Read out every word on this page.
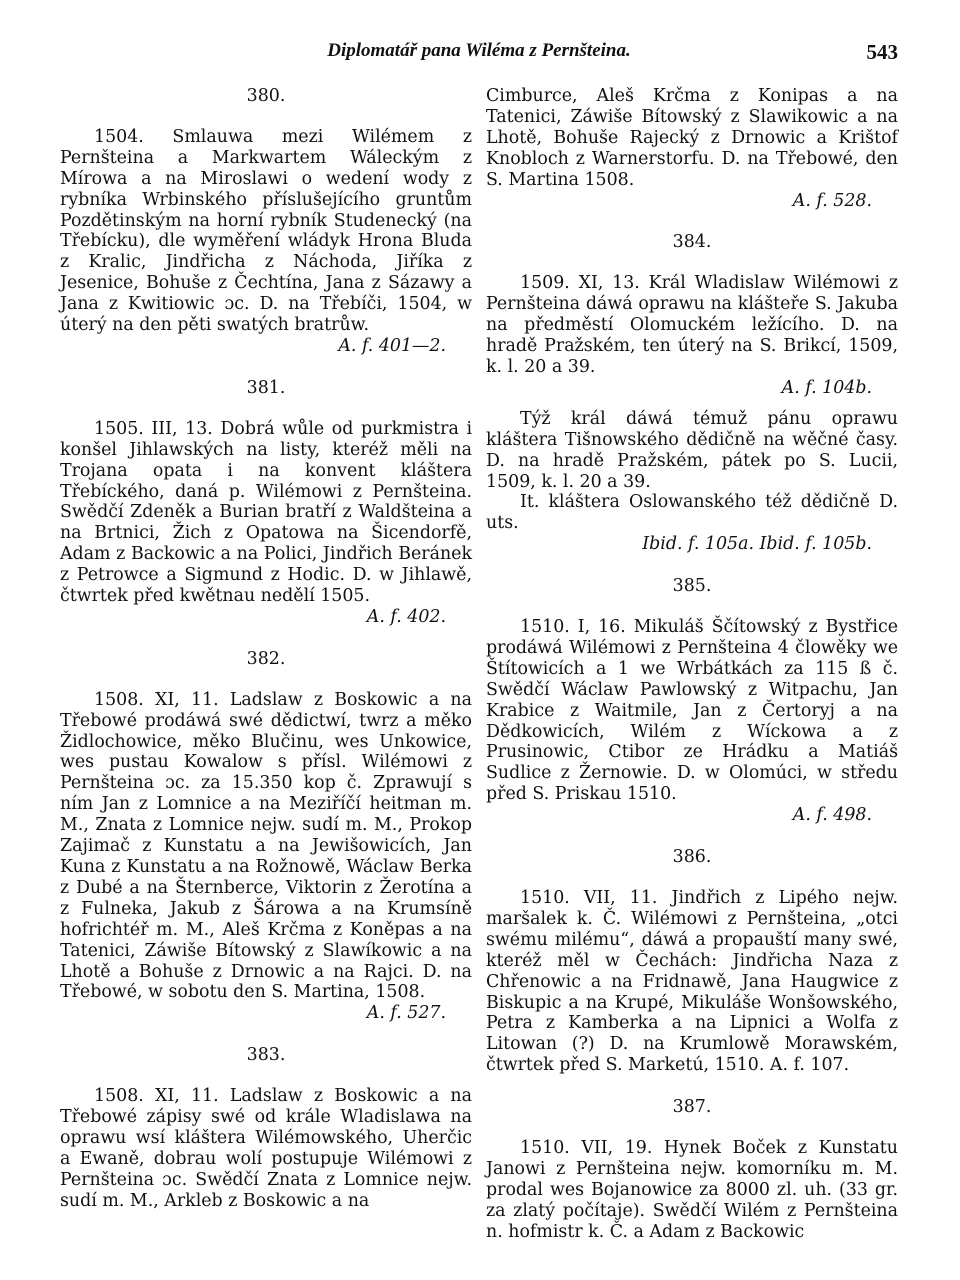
Diplomatář pana Wiléma z Pernšteina.	543

380.

1504. Smlauwa mezi Wilémem z Pernšteina a Markwartem Wáleckým z Mírowa a na Miroslawi o wedení wody z rybníka Wrbinského příslušejícího gruntům Pozdětinským na horní rybník Studenecký (na Třebícku), dle wyměření wládyk Hrona Bluda z Kralic, Jindřicha z Náchoda, Jiříka z Jesenice, Bohuše z Čechtína, Jana z Sázawy a Jana z Kwitiowic ɔc. D. na Třebíči, 1504, w úterý na den pěti swatých bratrůw.

A. f. 401—2.

381.

1505. III, 13. Dobrá wůle od purkmistra i konšel Jihlawských na listy, kteréž měli na Trojana opata i na konvent kláštera Třebíckého, daná p. Wilémowi z Pernšteina. Swědčí Zdeněk a Burian bratří z Waldšteina a na Brtnici, Žich z Opatowa na Šicendorfě, Adam z Backowic a na Polici, Jindřich Beránek z Petrowce a Sigmund z Hodic. D. w Jihlawě, čtwrtek před kwětnau nedělí 1505.

A. f. 402.

382.

1508. XI, 11. Ladslaw z Boskowic a na Třebowé prodáwá swé dědictwí, twrz a měko Židlochowice, měko Blučinu, wes Unkowice, wes pustau Kowalow s přísl. Wilémowi z Pernšteina ɔc. za 15.350 kop č. Zprawují s ním Jan z Lomnice a na Meziříčí heitman m. M., Znata z Lomnice nejw. sudí m. M., Prokop Zajimač z Kunstatu a na Jewišowicích, Jan Kuna z Kunstatu a na Rožnowě, Wáclaw Berka z Dubé a na Šternberce, Viktorin z Žerotína a z Fulneka, Jakub z Šárowa a na Krumsíně hofrichtéř m. M., Aleš Krčma z Koněpas a na Tatenici, Záwiše Bítowský z Slawíkowic a na Lhotě a Bohuše z Drnowic a na Rajci. D. na Třebowé, w sobotu den S. Martina, 1508.

A. f. 527.

383.

1508. XI, 11. Ladslaw z Boskowic a na Třebowé zápisy swé od krále Wladislawa na oprawu wsí kláštera Wilémowského, Uherčic a Ewaně, dobrau wolí postupuje Wilémowi z Pernšteina ɔc. Swědčí Znata z Lomnice nejw. sudí m. M., Arkleb z Boskowic a na

Cimburce, Aleš Krčma z Konipas a na Tatenici, Záwiše Bítowský z Slawikowic a na Lhotě, Bohuše Rajecký z Drnowic a Krištof Knobloch z Warnerstorfu. D. na Třebowé, den S. Martina 1508.

A. f. 528.

384.

1509. XI, 13. Král Wladislaw Wilémowi z Pernšteina dáwá oprawu na klášteře S. Jakuba na předměstí Olomuckém ležícího. D. na hradě Pražském, ten úterý na S. Brikcí, 1509, k. l. 20 a 39.

A. f. 104b.

Týž král dáwá témuž pánu oprawu kláštera Tišnowského dědičně na wěčné časy. D. na hradě Pražském, pátek po S. Lucii, 1509, k. l. 20 a 39.

It. kláštera Oslowanského též dědičně D. uts.

Ibid. f. 105a. Ibid. f. 105b.

385.

1510. I, 16. Mikuláš Ščítowský z Bystřice prodáwá Wilémowi z Pernšteina 4 člowěky we Štítowicích a 1 we Wrbátkách za 115 ß č. Swědčí Wáclaw Pawlowský z Witpachu, Jan Krabice z Waitmile, Jan z Čertoryj a na Dědkowicích, Wilém z Wíckowa a z Prusinowic, Ctibor ze Hrádku a Matiáš Sudlice z Žernowie. D. w Olomúci, w středu před S. Priskau 1510.

A. f. 498.

386.

1510. VII, 11. Jindřich z Lipého nejw. maršalek k. Č. Wilémowi z Pernšteina, „otci swému milému“, dáwá a propauští many swé, kteréž měl w Čechách: Jindřicha Naza z Chřenowic a na Fridnawě, Jana Haugwice z Biskupic a na Krupé, Mikuláše Wonšowského, Petra z Kamberka a na Lipnici a Wolfa z Litowan (?) D. na Krumlowě Morawském, čtwrtek před S. Marketú, 1510. A. f. 107.

387.

1510. VII, 19. Hynek Boček z Kunstatu Janowi z Pernšteina nejw. komorníku m. M. prodal wes Bojanowice za 8000 zl. uh. (33 gr. za zlatý počítaje). Swědčí Wilém z Pernšteina n. hofmistr k. Č. a Adam z Backowic
